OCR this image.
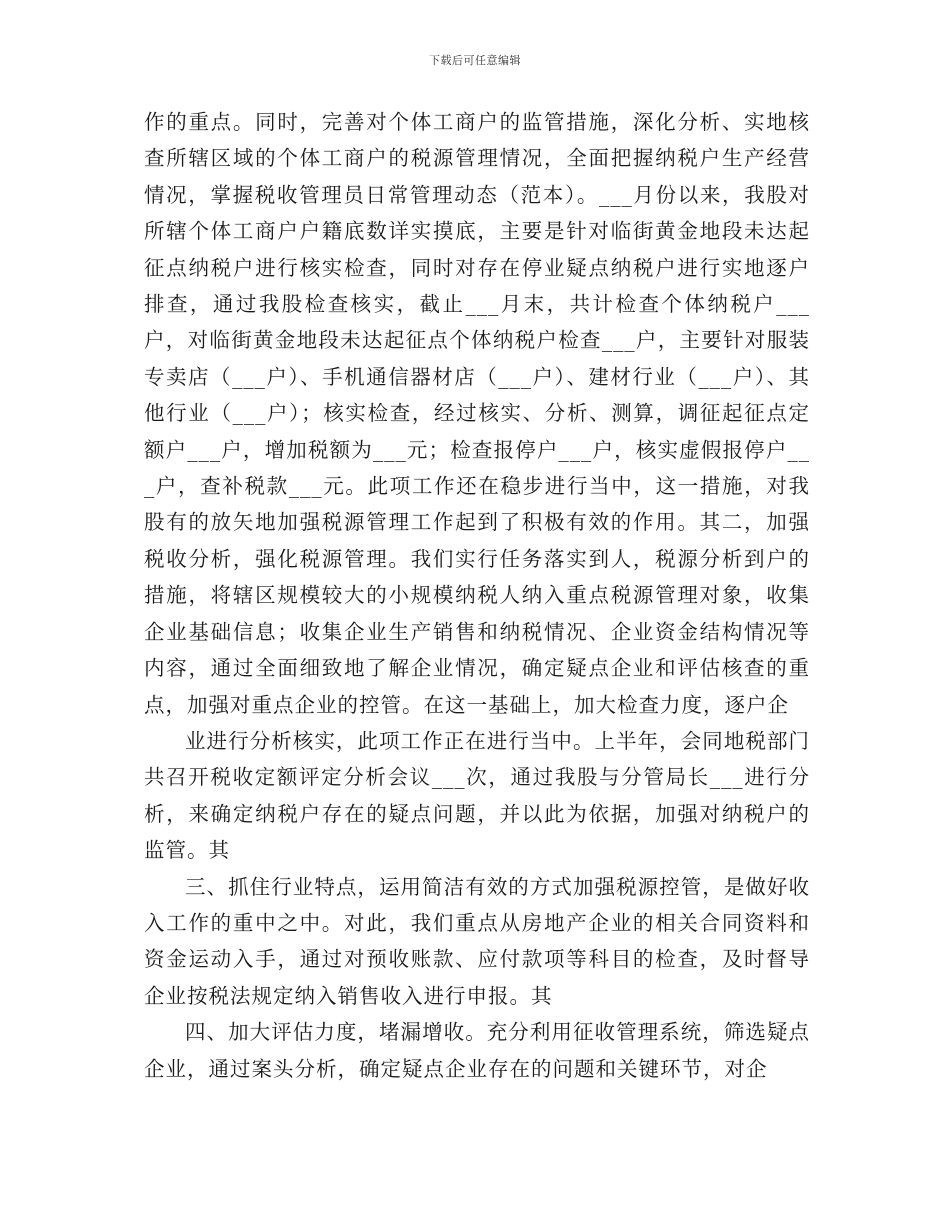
下载后可任意编辑

作的重点。同时，完善对个体工商户的监管措施，深化分析、实地核查所辖区域的个体工商户的税源管理情况，全面把握纳税户生产经营情况，掌握税收管理员日常管理动态（范本）。___月份以来，我股对所辖个体工商户户籍底数详实摸底，主要是针对临街黄金地段未达起征点纳税户进行核实检查，同时对存在停业疑点纳税户进行实地逐户排查，通过我股检查核实，截止___月末，共计检查个体纳税户___户，对临街黄金地段未达起征点个体纳税户检查___户，主要针对服装专卖店（___户）、手机通信器材店（___户）、建材行业（___户）、其他行业（___户）；核实检查，经过核实、分析、测算，调征起征点定额户___户，增加税额为___元；检查报停户___户，核实虚假报停户___户，查补税款___元。此项工作还在稳步进行当中，这一措施，对我股有的放矢地加强税源管理工作起到了积极有效的作用。其二，加强税收分析，强化税源管理。我们实行任务落实到人，税源分析到户的措施，将辖区规模较大的小规模纳税人纳入重点税源管理对象，收集企业基础信息；收集企业生产销售和纳税情况、企业资金结构情况等内容，通过全面细致地了解企业情况，确定疑点企业和评估核查的重点，加强对重点企业的控管。在这一基础上，加大检查力度，逐户企

业进行分析核实，此项工作正在进行当中。上半年，会同地税部门共召开税收定额评定分析会议___次，通过我股与分管局长___进行分析，来确定纳税户存在的疑点问题，并以此为依据，加强对纳税户的监管。其

三、抓住行业特点，运用简洁有效的方式加强税源控管，是做好收入工作的重中之中。对此，我们重点从房地产企业的相关合同资料和资金运动入手，通过对预收账款、应付款项等科目的检查，及时督导企业按税法规定纳入销售收入进行申报。其

四、加大评估力度，堵漏增收。充分利用征收管理系统，筛选疑点企业，通过案头分析，确定疑点企业存在的问题和关键环节，对企
